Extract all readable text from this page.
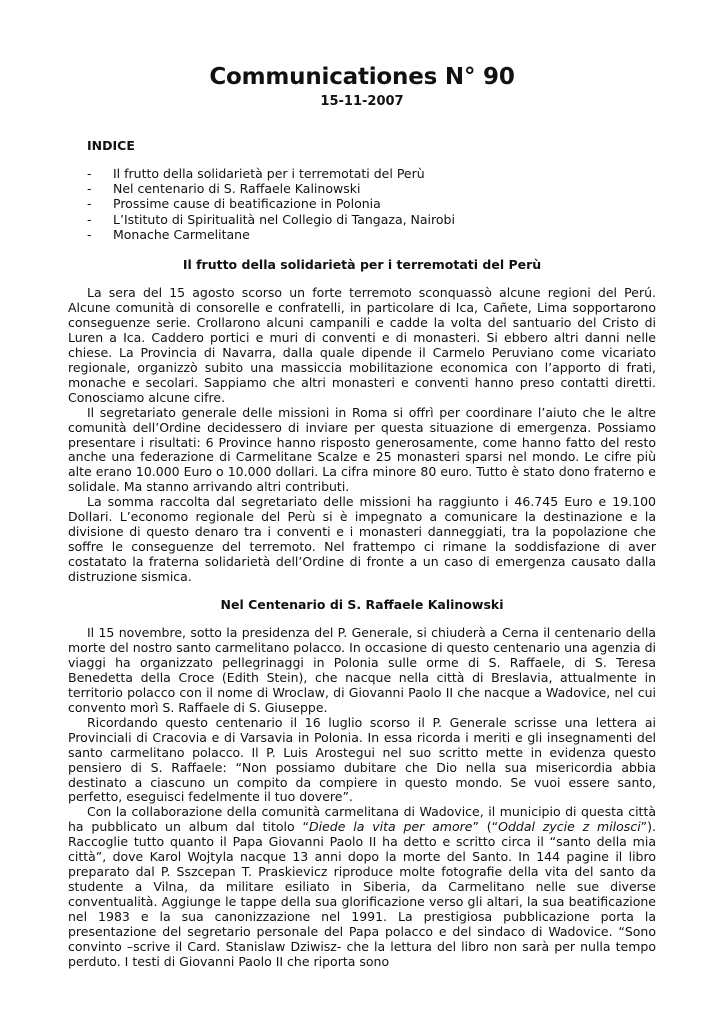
Communicationes N° 90
15-11-2007
INDICE
- Il frutto della solidarietà per i terremotati del Perù
- Nel centenario di S. Raffaele Kalinowski
- Prossime cause di beatificazione in Polonia
- L’Istituto di Spiritualità nel Collegio di Tangaza, Nairobi
- Monache Carmelitane
Il frutto della solidarietà per i terremotati del Perù

La sera del 15 agosto scorso un forte terremoto sconquassò alcune regioni del Perú. Alcune comunità di consorelle e confratelli, in particolare di Ica, Cañete, Lima sopportarono conseguenze serie. Crollarono alcuni campanili e cadde la volta del santuario del Cristo di Luren a Ica. Caddero portici e muri di conventi e di monasteri. Si ebbero altri danni nelle chiese. La Provincia di Navarra, dalla quale dipende il Carmelo Peruviano come vicariato regionale, organizzò subito una massiccia mobilitazione economica con l’apporto di frati, monache e secolari. Sappiamo che altri monasteri e conventi hanno preso contatti diretti. Conosciamo alcune cifre.

Il segretariato generale delle missioni in Roma si offrì per coordinare l’aiuto che le altre comunità dell’Ordine decidessero di inviare per questa situazione di emergenza. Possiamo presentare i risultati: 6 Province hanno risposto generosamente, come hanno fatto del resto anche una federazione di Carmelitane Scalze e 25 monasteri sparsi nel mondo. Le cifre più alte erano 10.000 Euro o 10.000 dollari. La cifra minore 80 euro. Tutto è stato dono fraterno e solidale. Ma stanno arrivando altri contributi.

La somma raccolta dal segretariato delle missioni ha raggiunto i 46.745 Euro e 19.100 Dollari. L’economo regionale del Perù si è impegnato a comunicare la destinazione e la divisione di questo denaro tra i conventi e i monasteri danneggiati, tra la popolazione che soffre le conseguenze del terremoto. Nel frattempo ci rimane la soddisfazione di aver costatato la fraterna solidarietà dell’Ordine di fronte a un caso di emergenza causato dalla distruzione sismica.

Nel Centenario di S. Raffaele Kalinowski

Il 15 novembre, sotto la presidenza del P. Generale, si chiuderà a Cerna il centenario della morte del nostro santo carmelitano polacco. In occasione di questo centenario una agenzia di viaggi ha organizzato pellegrinaggi in Polonia sulle orme di S. Raffaele, di S. Teresa Benedetta della Croce (Edith Stein), che nacque nella città di Breslavia, attualmente in territorio polacco con il nome di Wroclaw, di Giovanni Paolo II che nacque a Wadovice, nel cui convento morì S. Raffaele di S. Giuseppe.

Ricordando questo centenario il 16 luglio scorso il P. Generale scrisse una lettera ai Provinciali di Cracovia e di Varsavia in Polonia. In essa ricorda i meriti e gli insegnamenti del santo carmelitano polacco. Il P. Luis Arostegui nel suo scritto mette in evidenza questo pensiero di S. Raffaele: “Non possiamo dubitare che Dio nella sua misericordia abbia destinato a ciascuno un compito da compiere in questo mondo. Se vuoi essere santo, perfetto, eseguisci fedelmente il tuo dovere”.

Con la collaborazione della comunità carmelitana di Wadovice, il municipio di questa città ha pubblicato un album dal titolo “Diede la vita per amore” (“Oddal zycie z milosci”). Raccoglie tutto quanto il Papa Giovanni Paolo II ha detto e scritto circa il “santo della mia città”, dove Karol Wojtyla nacque 13 anni dopo la morte del Santo. In 144 pagine il libro preparato dal P. Sszcepan T. Praskievicz riproduce molte fotografie della vita del santo da studente a Vilna, da militare esiliato in Siberia, da Carmelitano nelle sue diverse conventualità. Aggiunge le tappe della sua glorificazione verso gli altari, la sua beatificazione nel 1983 e la sua canonizzazione nel 1991. La prestigiosa pubblicazione porta la presentazione del segretario personale del Papa polacco e del sindaco di Wadovice. “Sono convinto –scrive il Card. Stanislaw Dziwisz- che la lettura del libro non sarà per nulla tempo perduto. I testi di Giovanni Paolo II che riporta sono
